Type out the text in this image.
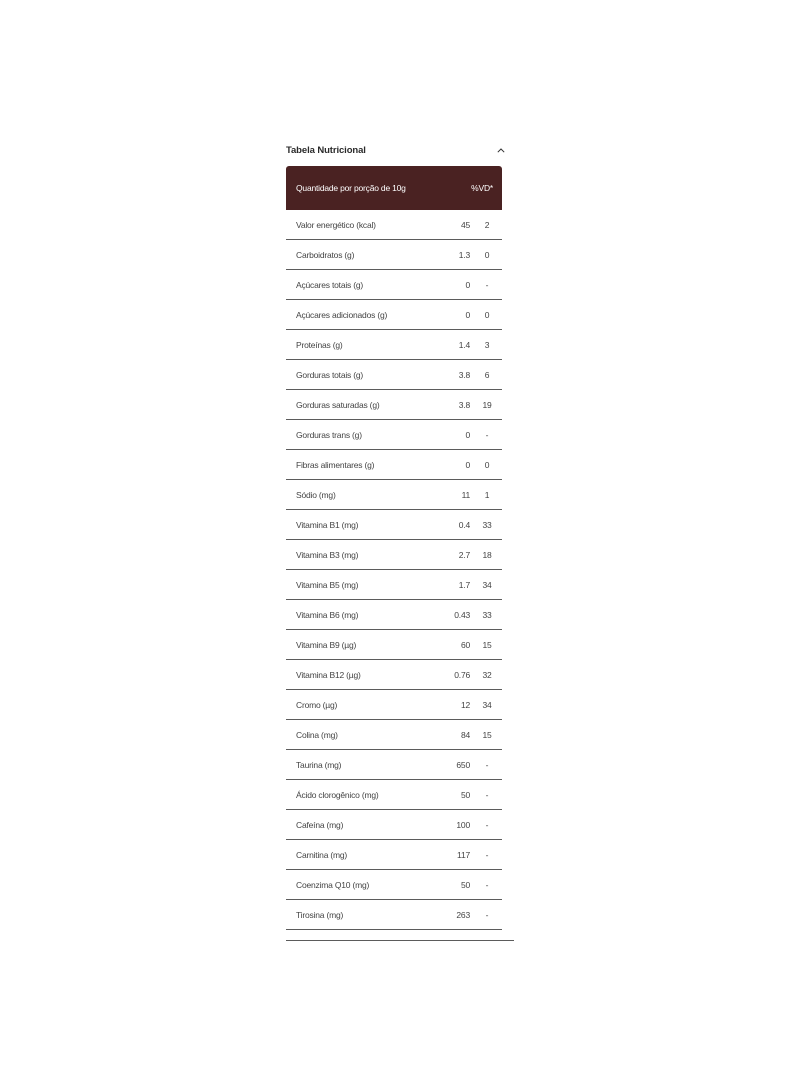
Tabela Nutricional
Quantidade por porção de 10g	%VD*
Valor energético (kcal)	45	2
Carboidratos (g)	1.3	0
Açúcares totais (g)	0	-
Açúcares adicionados (g)	0	0
Proteínas (g)	1.4	3
Gorduras totais (g)	3.8	6
Gorduras saturadas (g)	3.8	19
Gorduras trans (g)	0	-
Fibras alimentares (g)	0	0
Sódio (mg)	11	1
Vitamina B1 (mg)	0.4	33
Vitamina B3 (mg)	2.7	18
Vitamina B5 (mg)	1.7	34
Vitamina B6 (mg)	0.43	33
Vitamina B9 (µg)	60	15
Vitamina B12 (µg)	0.76	32
Cromo (µg)	12	34
Colina (mg)	84	15
Taurina (mg)	650	-
Ácido clorogênico (mg)	50	-
Cafeína (mg)	100	-
Carnitina (mg)	117	-
Coenzima Q10 (mg)	50	-
Tirosina (mg)	263	-
